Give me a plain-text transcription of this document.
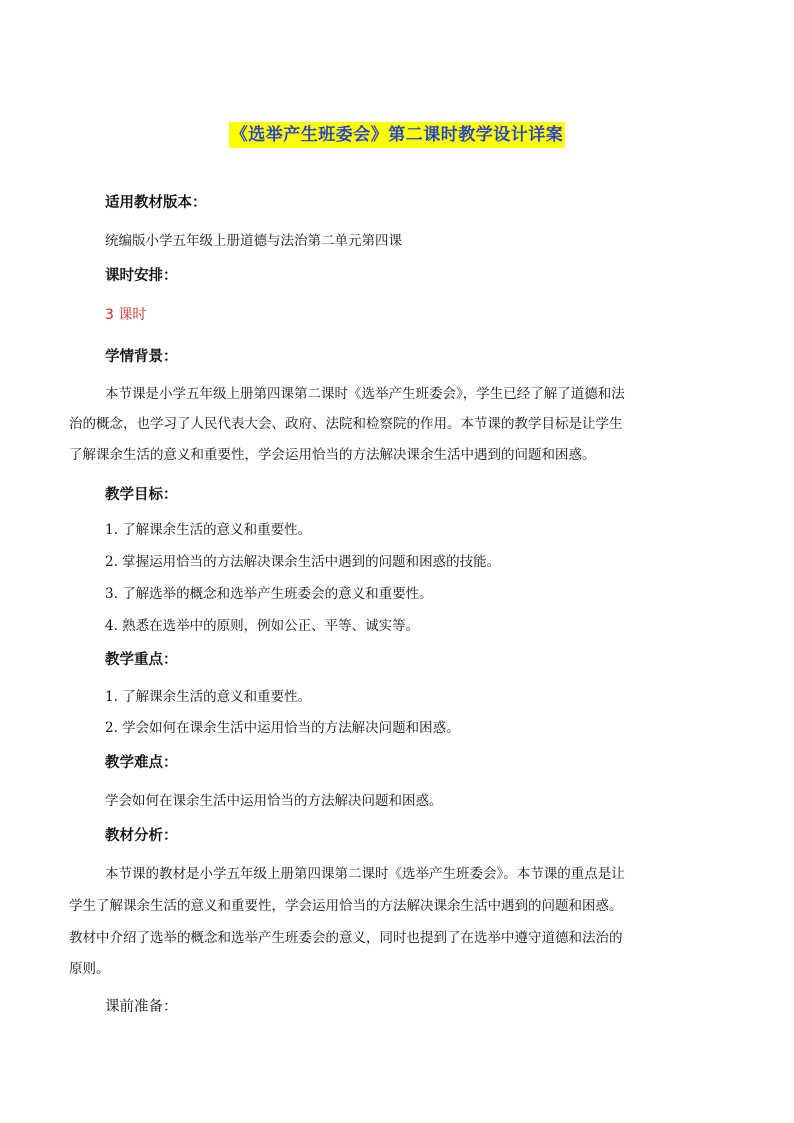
《选举产生班委会》第二课时教学设计详案
适用教材版本：
统编版小学五年级上册道德与法治第二单元第四课
课时安排：
3 课时
学情背景：
本节课是小学五年级上册第四课第二课时《选举产生班委会》，学生已经了解了道德和法
治的概念，也学习了人民代表大会、政府、法院和检察院的作用。本节课的教学目标是让学生
了解课余生活的意义和重要性，学会运用恰当的方法解决课余生活中遇到的问题和困惑。
教学目标：
1. 了解课余生活的意义和重要性。
2. 掌握运用恰当的方法解决课余生活中遇到的问题和困惑的技能。
3. 了解选举的概念和选举产生班委会的意义和重要性。
4. 熟悉在选举中的原则，例如公正、平等、诚实等。
教学重点：
1. 了解课余生活的意义和重要性。
2. 学会如何在课余生活中运用恰当的方法解决问题和困惑。
教学难点：
学会如何在课余生活中运用恰当的方法解决问题和困惑。
教材分析：
本节课的教材是小学五年级上册第四课第二课时《选举产生班委会》。本节课的重点是让
学生了解课余生活的意义和重要性，学会运用恰当的方法解决课余生活中遇到的问题和困惑。
教材中介绍了选举的概念和选举产生班委会的意义，同时也提到了在选举中遵守道德和法治的
原则。
课前准备：
